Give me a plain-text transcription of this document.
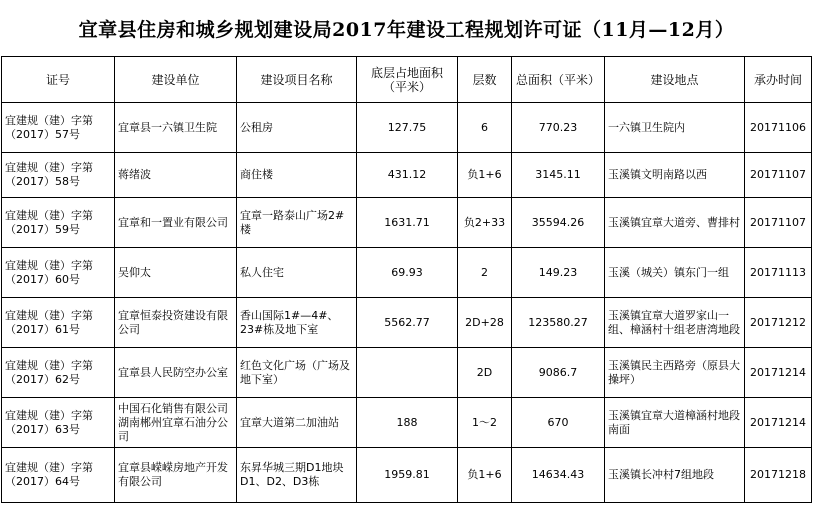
宜章县住房和城乡规划建设局2017年建设工程规划许可证（11月—12月）
证号	建设单位	建设项目名称	底层占地面积（平米）	层数	总面积（平米）	建设地点	承办时间
宜建规（建）字第（2017）57号	宜章县一六镇卫生院	公租房	127.75	6	770.23	一六镇卫生院内	20171106
宜建规（建）字第（2017）58号	蒋绪波	商住楼	431.12	负1+6	3145.11	玉溪镇文明南路以西	20171107
宜建规（建）字第（2017）59号	宜章和一置业有限公司	宜章一路泰山广场2#楼	1631.71	负2+33	35594.26	玉溪镇宜章大道旁、曹排村	20171107
宜建规（建）字第（2017）60号	吴仰太	私人住宅	69.93	2	149.23	玉溪（城关）镇东门一组	20171113
宜建规（建）字第（2017）61号	宜章恒泰投资建设有限公司	香山国际1#—4#、23#栋及地下室	5562.77	2D+28	123580.27	玉溪镇宜章大道罗家山一组、樟涵村十组老唐湾地段	20171212
宜建规（建）字第（2017）62号	宜章县人民防空办公室	红色文化广场（广场及地下室）		2D	9086.7	玉溪镇民主西路旁（原县大操坪）	20171214
宜建规（建）字第（2017）63号	中国石化销售有限公司湖南郴州宜章石油分公司	宜章大道第二加油站	188	1～2	670	玉溪镇宜章大道樟涵村地段南面	20171214
宜建规（建）字第（2017）64号	宜章县嵘嵘房地产开发有限公司	东昇华城三期D1地块D1、D2、D3栋	1959.81	负1+6	14634.43	玉溪镇长冲村7组地段	20171218
